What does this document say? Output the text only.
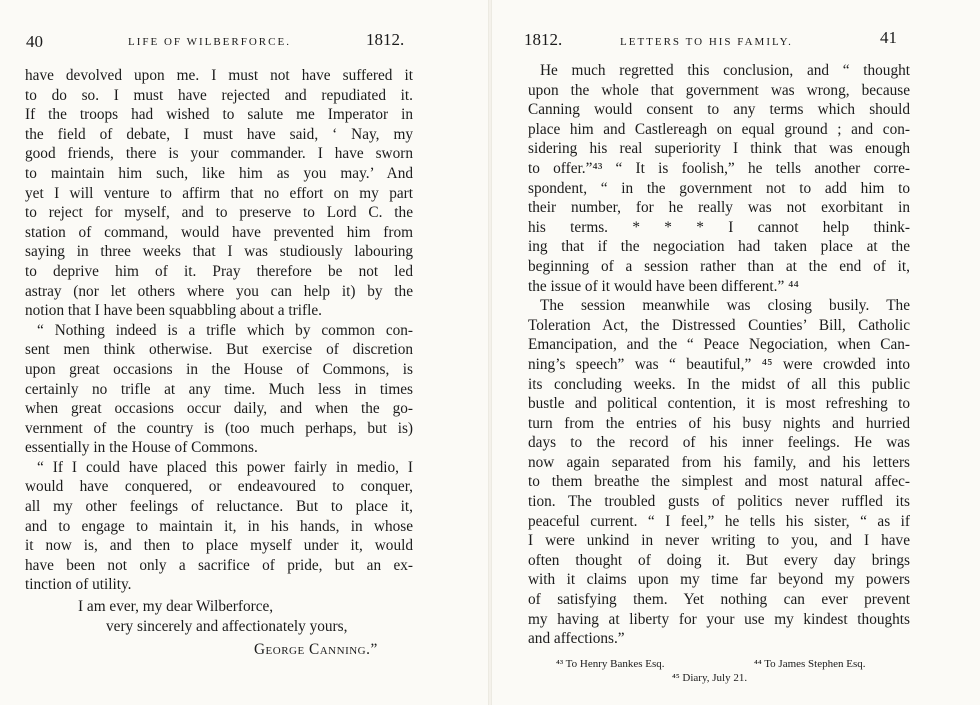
40	LIFE OF WILBERFORCE.	1812.
have devolved upon me. I must not have suffered it
to do so. I must have rejected and repudiated it.
If the troops had wished to salute me Imperator in
the field of debate, I must have said, ‘ Nay, my
good friends, there is your commander. I have sworn
to maintain him such, like him as you may.’ And
yet I will venture to affirm that no effort on my part
to reject for myself, and to preserve to Lord C. the
station of command, would have prevented him from
saying in three weeks that I was studiously labouring
to deprive him of it. Pray therefore be not led
astray (nor let others where you can help it) by the
notion that I have been squabbling about a trifle.
“ Nothing indeed is a trifle which by common con-
sent men think otherwise. But exercise of discretion
upon great occasions in the House of Commons, is
certainly no trifle at any time. Much less in times
when great occasions occur daily, and when the go-
vernment of the country is (too much perhaps, but is)
essentially in the House of Commons.
“ If I could have placed this power fairly in medio, I
would have conquered, or endeavoured to conquer,
all my other feelings of reluctance. But to place it,
and to engage to maintain it, in his hands, in whose
it now is, and then to place myself under it, would
have been not only a sacrifice of pride, but an ex-
tinction of utility.
I am ever, my dear Wilberforce,
very sincerely and affectionately yours,
George Canning.”
1812.	LETTERS TO HIS FAMILY.	41
He much regretted this conclusion, and “ thought
upon the whole that government was wrong, because
Canning would consent to any terms which should
place him and Castlereagh on equal ground ; and con-
sidering his real superiority I think that was enough
to offer.”⁴³ “ It is foolish,” he tells another corre-
spondent, “ in the government not to add him to
their number, for he really was not exorbitant in
his terms. * * * I cannot help think-
ing that if the negociation had taken place at the
beginning of a session rather than at the end of it,
the issue of it would have been different.” ⁴⁴
The session meanwhile was closing busily. The
Toleration Act, the Distressed Counties’ Bill, Catholic
Emancipation, and the “ Peace Negociation, when Can-
ning’s speech” was “ beautiful,” ⁴⁵ were crowded into
its concluding weeks. In the midst of all this public
bustle and political contention, it is most refreshing to
turn from the entries of his busy nights and hurried
days to the record of his inner feelings. He was
now again separated from his family, and his letters
to them breathe the simplest and most natural affec-
tion. The troubled gusts of politics never ruffled its
peaceful current. “ I feel,” he tells his sister, “ as if
I were unkind in never writing to you, and I have
often thought of doing it. But every day brings
with it claims upon my time far beyond my powers
of satisfying them. Yet nothing can ever prevent
my having at liberty for your use my kindest thoughts
and affections.”
⁴³ To Henry Bankes Esq.	⁴⁴ To James Stephen Esq.
⁴⁵ Diary, July 21.
